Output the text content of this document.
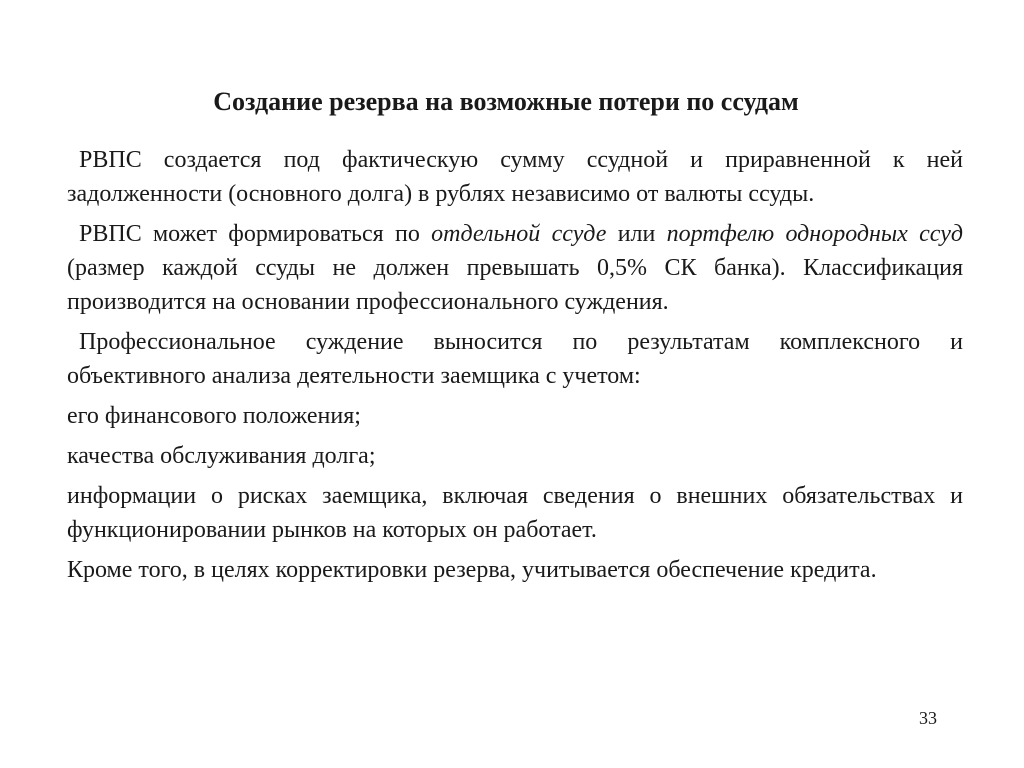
Создание резерва на возможные потери по ссудам

РВПС создается под фактическую сумму ссудной и приравненной к ней задолженности (основного долга) в рублях независимо от валюты ссуды.

РВПС может формироваться по отдельной ссуде или портфелю однородных ссуд (размер каждой ссуды не должен превышать 0,5% СК банка). Классификация производится на основании профессионального суждения.

Профессиональное суждение выносится по результатам комплексного и объективного анализа деятельности заемщика с учетом:

его финансового положения;

качества обслуживания долга;

информации о рисках заемщика, включая сведения о внешних обязательствах и функционировании рынков на которых он работает.

Кроме того, в целях корректировки резерва, учитывается обеспечение кредита.

33
